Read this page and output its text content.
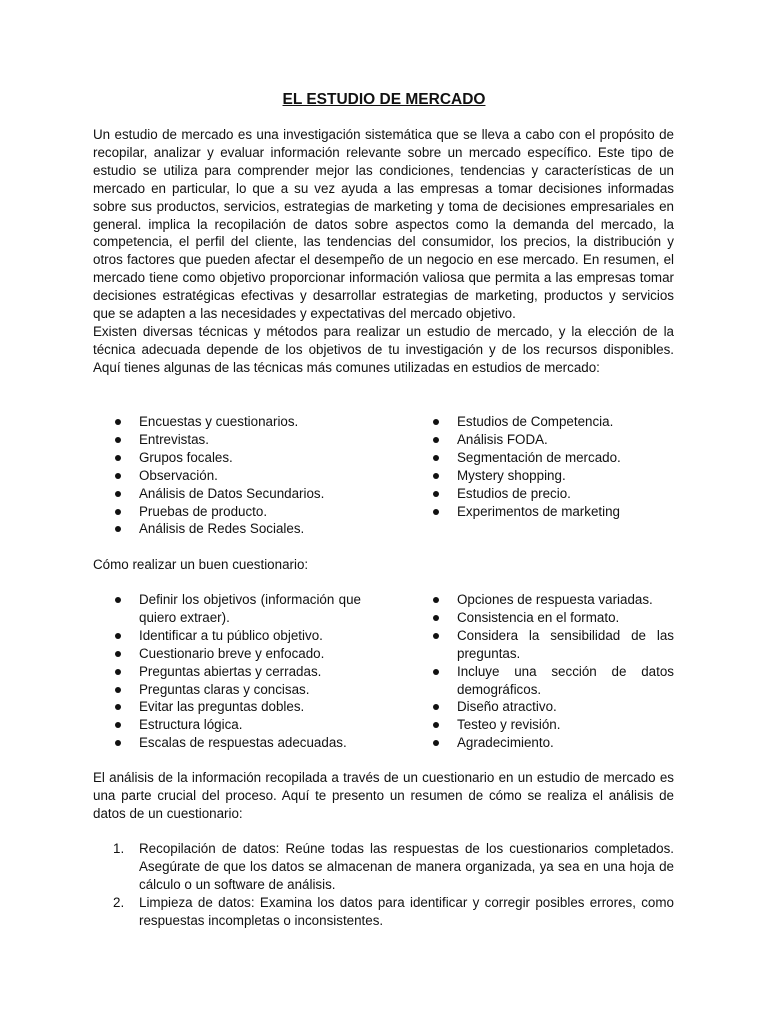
EL ESTUDIO DE MERCADO

Un estudio de mercado es una investigación sistemática que se lleva a cabo con el propósito de recopilar, analizar y evaluar información relevante sobre un mercado específico. Este tipo de estudio se utiliza para comprender mejor las condiciones, tendencias y características de un mercado en particular, lo que a su vez ayuda a las empresas a tomar decisiones informadas sobre sus productos, servicios, estrategias de marketing y toma de decisiones empresariales en general. implica la recopilación de datos sobre aspectos como la demanda del mercado, la competencia, el perfil del cliente, las tendencias del consumidor, los precios, la distribución y otros factores que pueden afectar el desempeño de un negocio en ese mercado. En resumen, el mercado tiene como objetivo proporcionar información valiosa que permita a las empresas tomar decisiones estratégicas efectivas y desarrollar estrategias de marketing, productos y servicios que se adapten a las necesidades y expectativas del mercado objetivo.

Existen diversas técnicas y métodos para realizar un estudio de mercado, y la elección de la técnica adecuada depende de los objetivos de tu investigación y de los recursos disponibles. Aquí tienes algunas de las técnicas más comunes utilizadas en estudios de mercado:

Encuestas y cuestionarios.
Entrevistas.
Grupos focales.
Observación.
Análisis de Datos Secundarios.
Pruebas de producto.
Análisis de Redes Sociales.
Estudios de Competencia.
Análisis FODA.
Segmentación de mercado.
Mystery shopping.
Estudios de precio.
Experimentos de marketing
Cómo realizar un buen cuestionario:
Definir los objetivos (información que quiero extraer).
Identificar a tu público objetivo.
Cuestionario breve y enfocado.
Preguntas abiertas y cerradas.
Preguntas claras y concisas.
Evitar las preguntas dobles.
Estructura lógica.
Escalas de respuestas adecuadas.
Opciones de respuesta variadas.
Consistencia en el formato.
Considera la sensibilidad de las preguntas.
Incluye una sección de datos demográficos.
Diseño atractivo.
Testeo y revisión.
Agradecimiento.
El análisis de la información recopilada a través de un cuestionario en un estudio de mercado es una parte crucial del proceso. Aquí te presento un resumen de cómo se realiza el análisis de datos de un cuestionario:
1. Recopilación de datos: Reúne todas las respuestas de los cuestionarios completados. Asegúrate de que los datos se almacenan de manera organizada, ya sea en una hoja de cálculo o un software de análisis.
2. Limpieza de datos: Examina los datos para identificar y corregir posibles errores, como respuestas incompletas o inconsistentes.
